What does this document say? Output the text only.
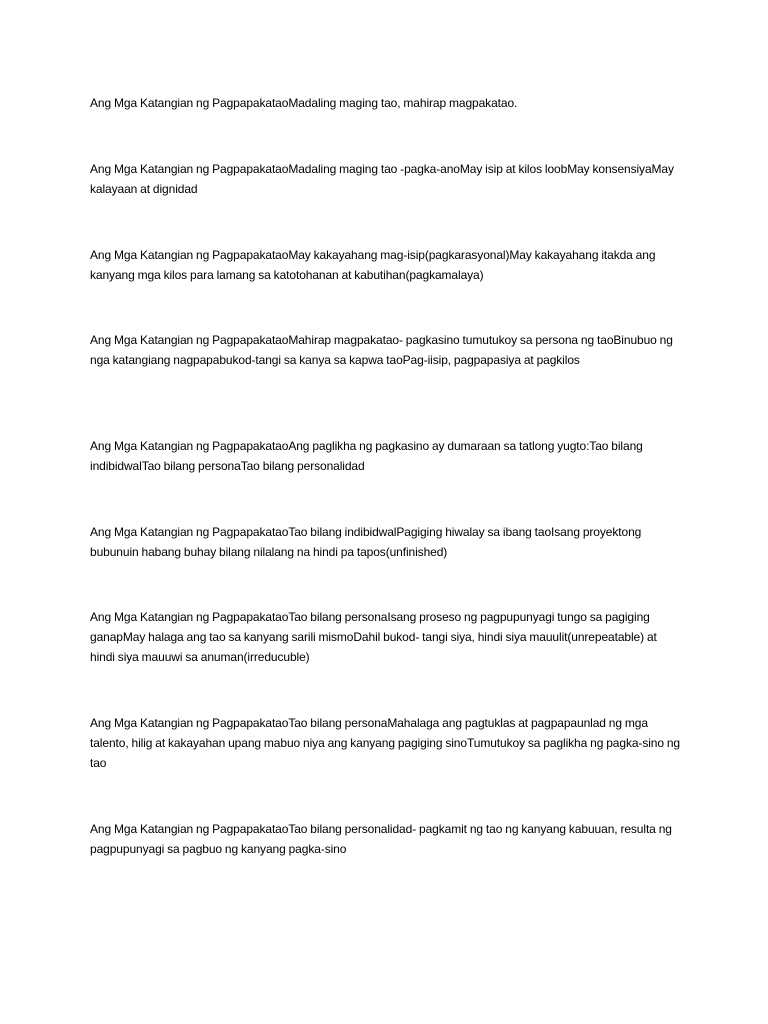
Ang Mga Katangian ng PagpapakataoMadaling maging tao, mahirap magpakatao.

Ang Mga Katangian ng PagpapakataoMadaling maging tao -pagka-anoMay isip at kilos loobMay konsensiyaMay kalayaan at dignidad

Ang Mga Katangian ng PagpapakataoMay kakayahang mag-isip(pagkarasyonal)May kakayahang itakda ang kanyang mga kilos para lamang sa katotohanan at kabutihan(pagkamalaya)

Ang Mga Katangian ng PagpapakataoMahirap magpakatao- pagkasino tumutukoy sa persona ng taoBinubuo ng nga katangiang nagpapabukod-tangi sa kanya sa kapwa taoPag-iisip, pagpapasiya at pagkilos

Ang Mga Katangian ng PagpapakataoAng paglikha ng pagkasino ay dumaraan sa tatlong yugto:Tao bilang indibidwalTao bilang personaTao bilang personalidad

Ang Mga Katangian ng PagpapakataoTao bilang indibidwalPagiging hiwalay sa ibang taoIsang proyektong bubunuin habang buhay bilang nilalang na hindi pa tapos(unfinished)

Ang Mga Katangian ng PagpapakataoTao bilang personaIsang proseso ng pagpupunyagi tungo sa pagiging ganapMay halaga ang tao sa kanyang sarili mismoDahil bukod- tangi siya, hindi siya mauulit(unrepeatable) at hindi siya mauuwi sa anuman(irreducuble)

Ang Mga Katangian ng PagpapakataoTao bilang personaMahalaga ang pagtuklas at pagpapaunlad ng mga talento, hilig at kakayahan upang mabuo niya ang kanyang pagiging sinoTumutukoy sa paglikha ng pagka-sino ng tao

Ang Mga Katangian ng PagpapakataoTao bilang personalidad- pagkamit ng tao ng kanyang kabuuan, resulta ng pagpupunyagi sa pagbuo ng kanyang pagka-sino
